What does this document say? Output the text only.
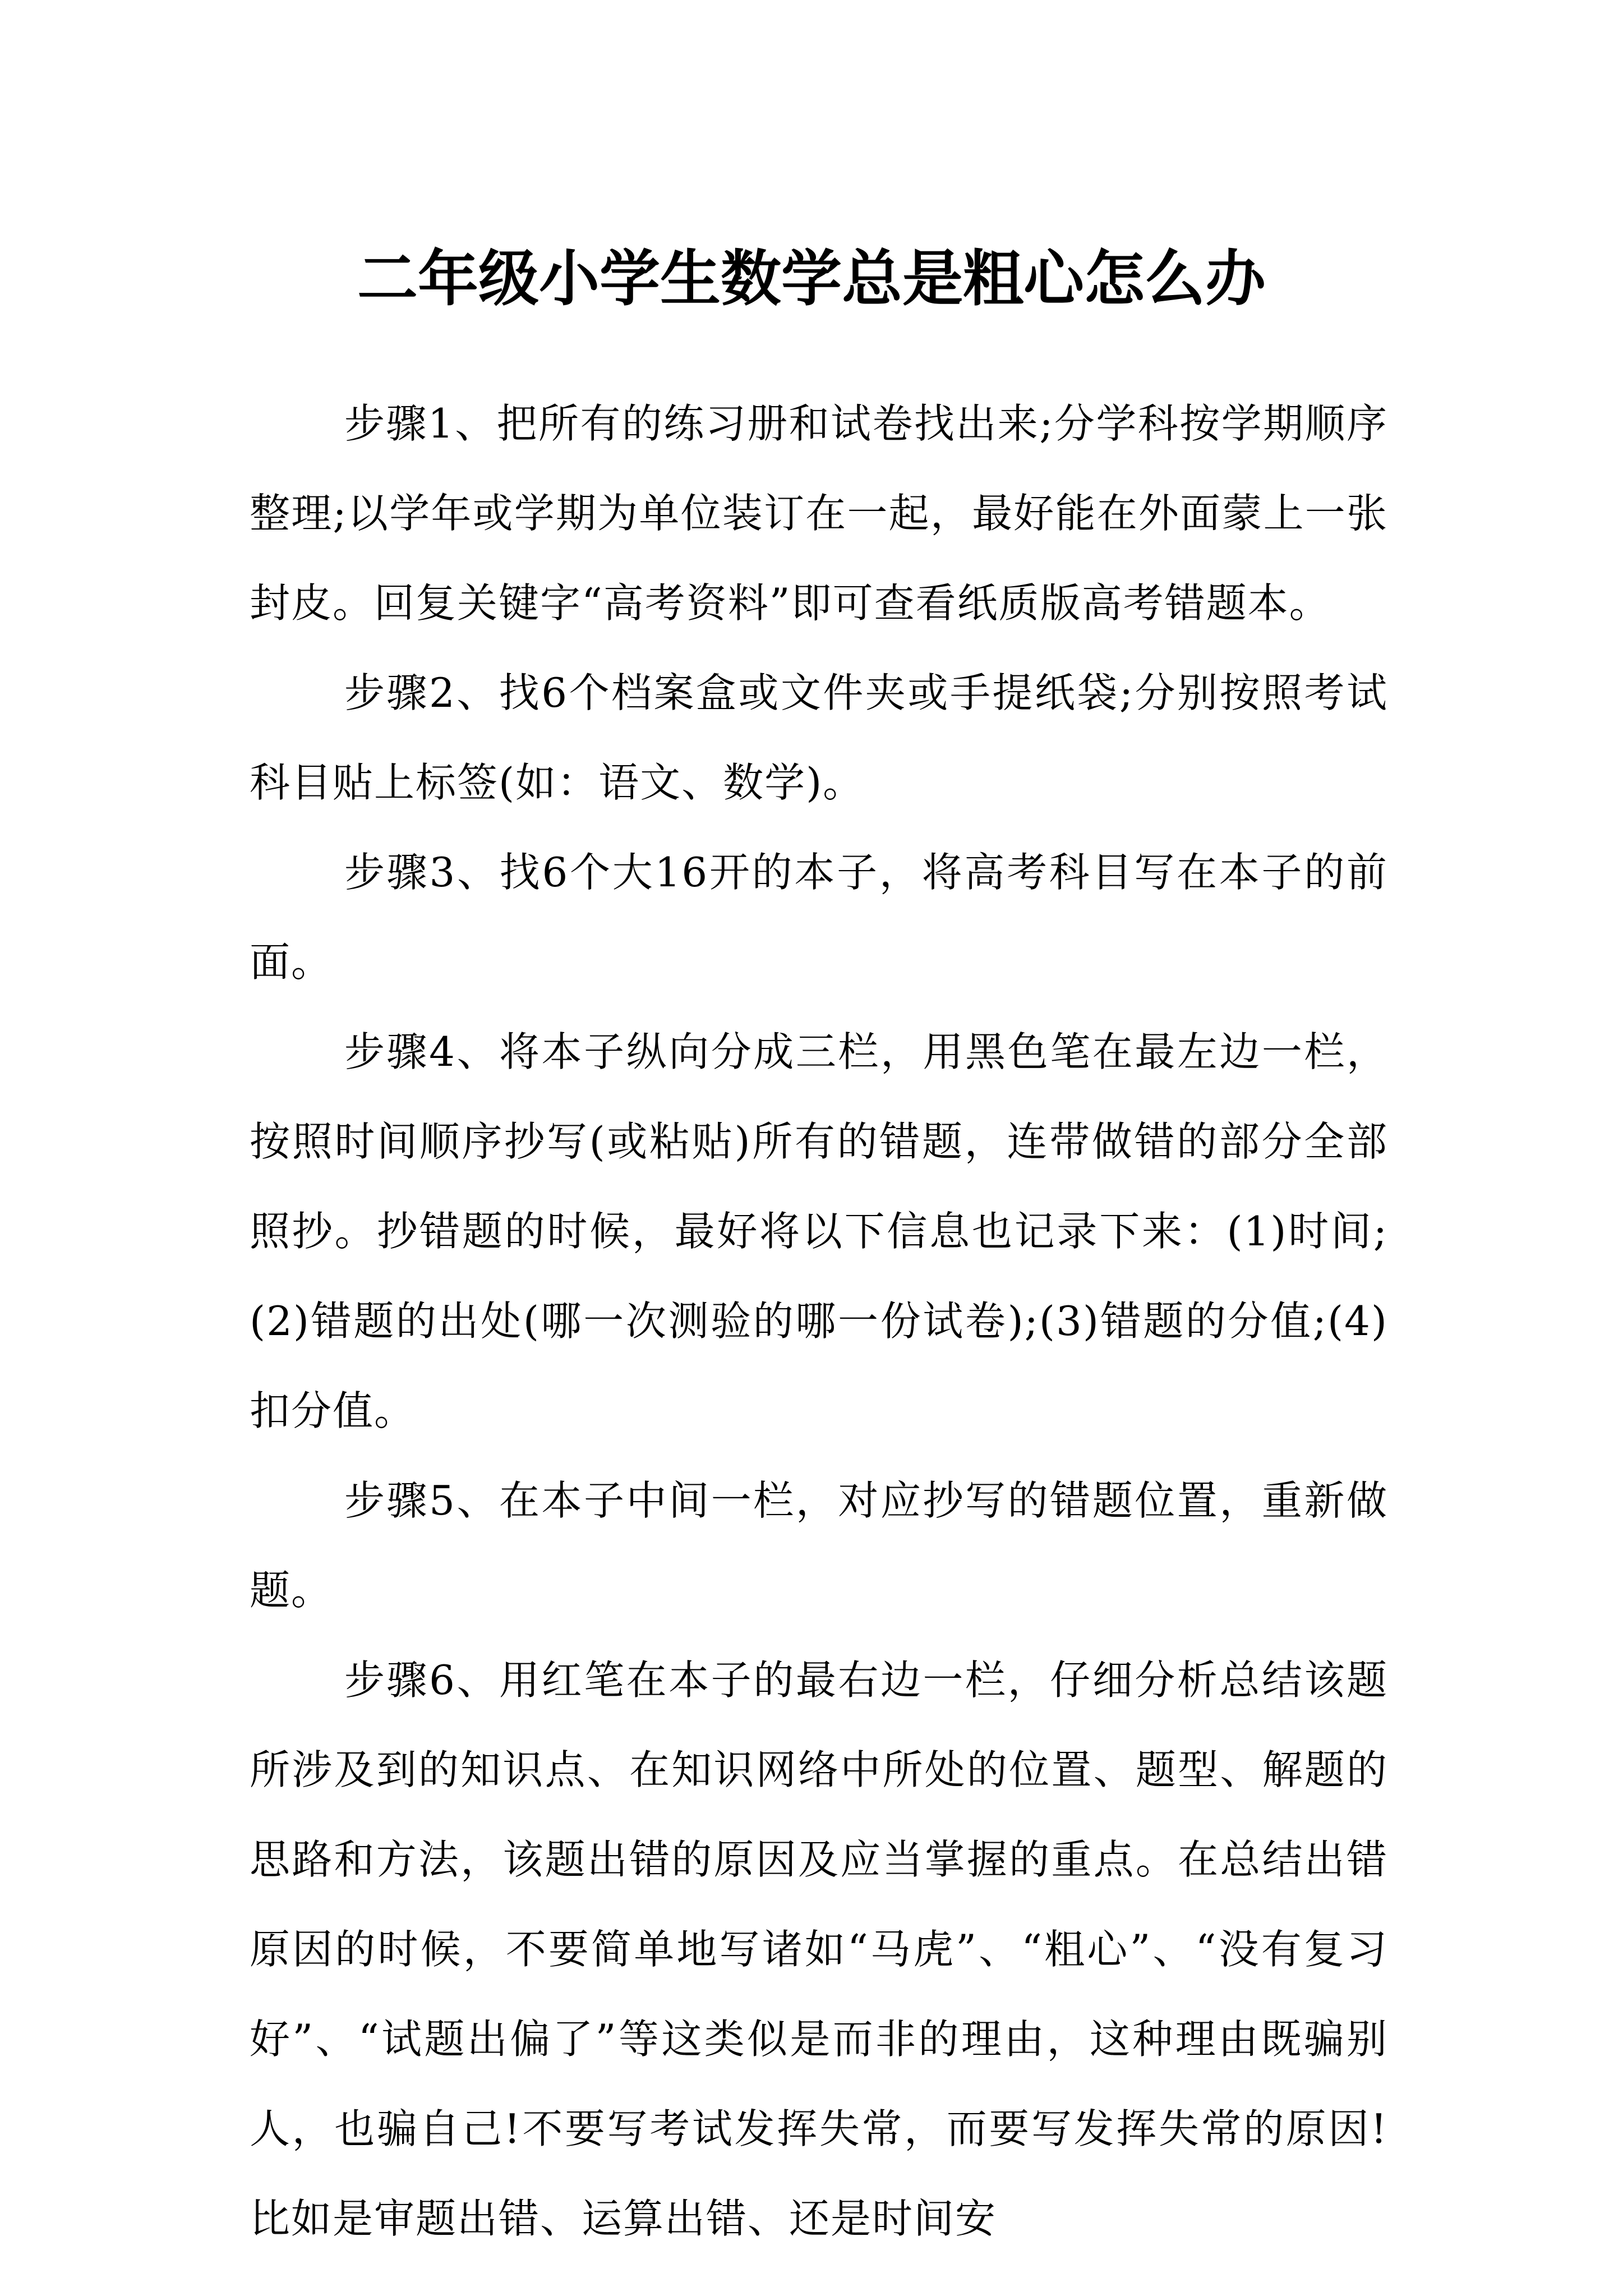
二年级小学生数学总是粗心怎么办

步骤1、把所有的练习册和试卷找出来;分学科按学期顺序整理;以学年或学期为单位装订在一起，最好能在外面蒙上一张封皮。回复关键字“高考资料”即可查看纸质版高考错题本。

步骤2、找6个档案盒或文件夹或手提纸袋;分别按照考试科目贴上标签(如：语文、数学)。

步骤3、找6个大16开的本子，将高考科目写在本子的前面。

步骤4、将本子纵向分成三栏，用黑色笔在最左边一栏，按照时间顺序抄写(或粘贴)所有的错题，连带做错的部分全部照抄。抄错题的时候，最好将以下信息也记录下来：(1)时间;(2)错题的出处(哪一次测验的哪一份试卷);(3)错题的分值;(4)扣分值。

步骤5、在本子中间一栏，对应抄写的错题位置，重新做题。

步骤6、用红笔在本子的最右边一栏，仔细分析总结该题所涉及到的知识点、在知识网络中所处的位置、题型、解题的思路和方法，该题出错的原因及应当掌握的重点。在总结出错原因的时候，不要简单地写诸如“马虎”、“粗心”、“没有复习好”、“试题出偏了”等这类似是而非的理由，这种理由既骗别人，也骗自己!不要写考试发挥失常，而要写发挥失常的原因!比如是审题出错、运算出错、还是时间安
